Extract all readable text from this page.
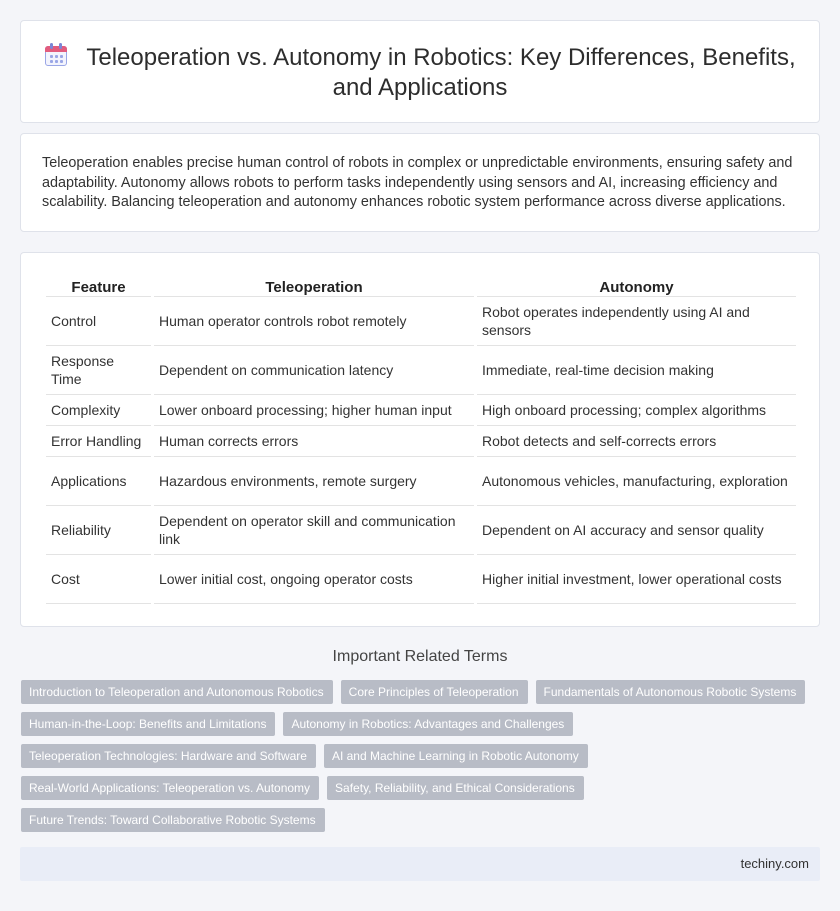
Teleoperation vs. Autonomy in Robotics: Key Differences, Benefits,
and Applications

Teleoperation enables precise human control of robots in complex or unpredictable environments, ensuring safety and adaptability. Autonomy allows robots to perform tasks independently using sensors and AI, increasing efficiency and scalability. Balancing teleoperation and autonomy enhances robotic system performance across diverse applications.

Feature	Teleoperation	Autonomy
Control	Human operator controls robot remotely	Robot operates independently using AI and sensors
Response Time	Dependent on communication latency	Immediate, real-time decision making
Complexity	Lower onboard processing; higher human input	High onboard processing; complex algorithms
Error Handling	Human corrects errors	Robot detects and self-corrects errors
Applications	Hazardous environments, remote surgery	Autonomous vehicles, manufacturing, exploration
Reliability	Dependent on operator skill and communication link	Dependent on AI accuracy and sensor quality
Cost	Lower initial cost, ongoing operator costs	Higher initial investment, lower operational costs
Important Related Terms
Introduction to Teleoperation and Autonomous Robotics	Core Principles of Teleoperation	Fundamentals of Autonomous Robotic Systems
Human-in-the-Loop: Benefits and Limitations	Autonomy in Robotics: Advantages and Challenges
Teleoperation Technologies: Hardware and Software	AI and Machine Learning in Robotic Autonomy
Real-World Applications: Teleoperation vs. Autonomy	Safety, Reliability, and Ethical Considerations
Future Trends: Toward Collaborative Robotic Systems
techiny.com
